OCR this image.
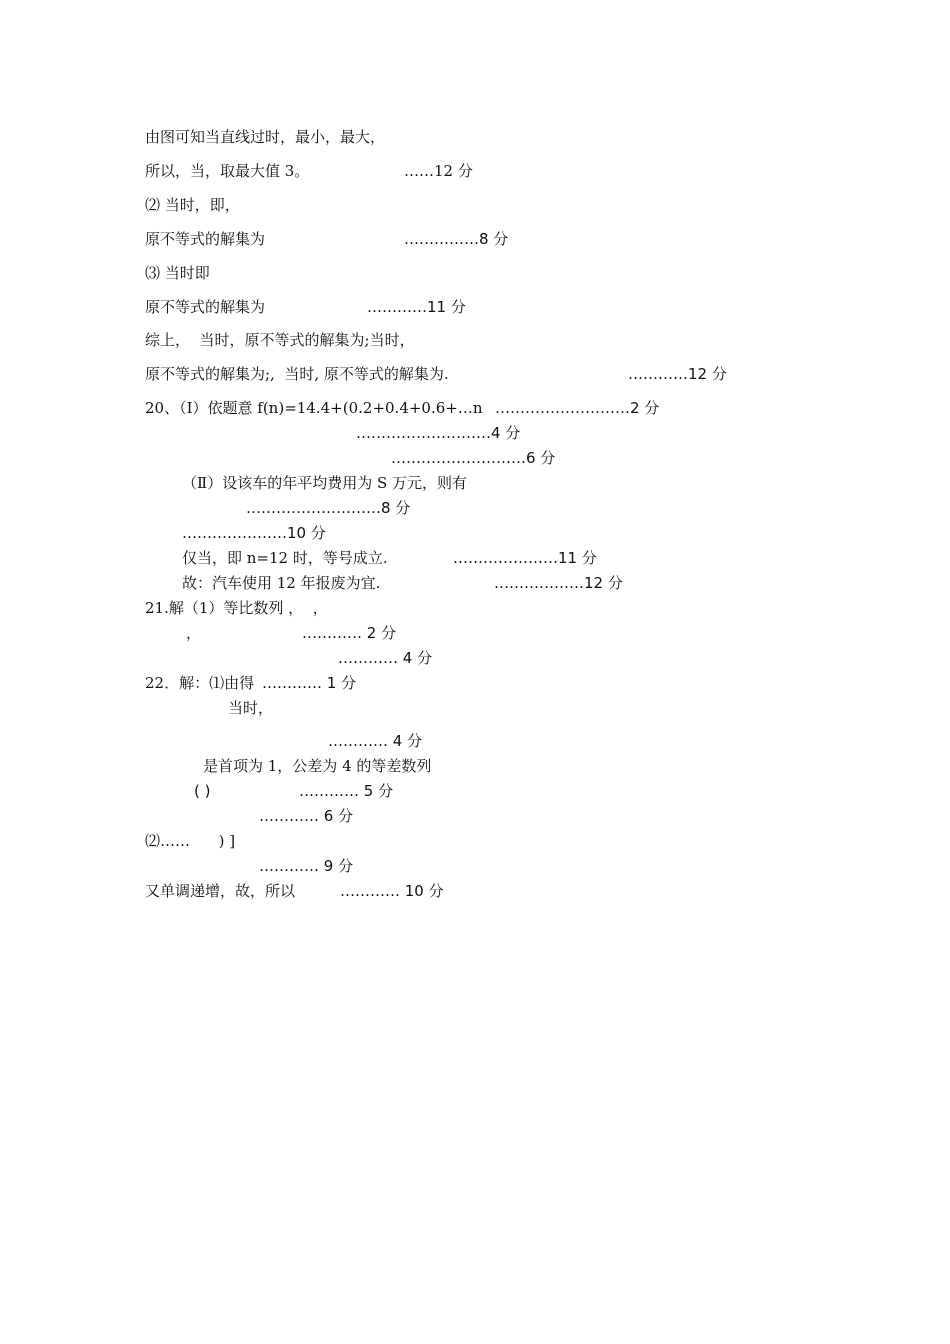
由图可知当直线过时，最小，最大，
所以，当，取最大值 3。	……12 分
⑵ 当时，即，
原不等式的解集为	……………8 分
⑶ 当时即
原不等式的解集为	…………11 分
综上，  当时，原不等式的解集为;当时，
原不等式的解集为;,  当时, 原不等式的解集为.	…………12 分
20、（Ⅰ）依题意 f(n)=14.4+(0.2+0.4+0.6+…n ………………………2 分
………………………4 分
………………………6 分
（Ⅱ）设该车的年平均费用为 S 万元，则有
………………………8 分
…………………10 分
仅当，即 n=12 时，等号成立.	…………………11 分
故：汽车使用 12 年报废为宜.	………………12 分
21.解（1）等比数列 ，  ，
，	………… 2 分
………… 4 分
22．解：⑴由得 ………… 1 分
当时，
………… 4 分
是首项为 1，公差为 4 的等差数列
( )	………… 5 分
………… 6 分
⑵……      ) ]
………… 9 分
又单调递增，故，所以	………… 10 分
